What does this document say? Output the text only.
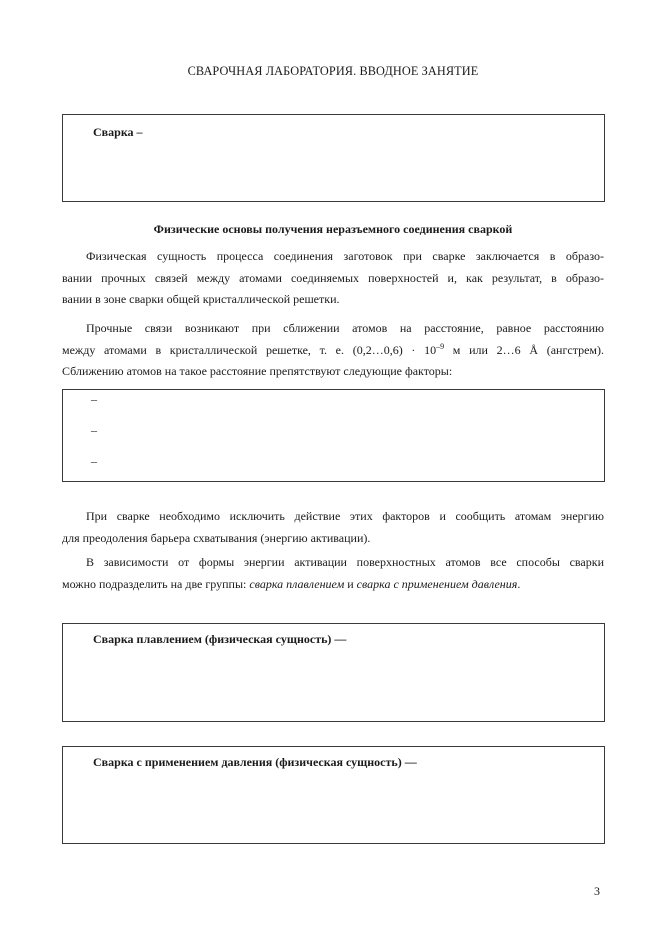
СВАРОЧНАЯ ЛАБОРАТОРИЯ. ВВОДНОЕ ЗАНЯТИЕ
Сварка –
Физические основы получения неразъемного соединения сваркой

Физическая сущность процесса соединения заготовок при сварке заключается в образо-
вании прочных связей между атомами соединяемых поверхностей и, как результат, в образо-
вании в зоне сварки общей кристаллической решетки.

Прочные связи возникают при сближении атомов на расстояние, равное расстоянию
между атомами в кристаллической решетке, т. е. (0,2…0,6) · $10^{-9}$ м или 2…6 Å (ангстрем).
Сближению атомов на такое расстояние препятствуют следующие факторы:

–
–
–

При сварке необходимо исключить действие этих факторов и сообщить атомам энергию
для преодоления барьера схватывания (энергию активации).

В зависимости от формы энергии активации поверхностных атомов все способы сварки
можно подразделить на две группы: сварка плавлением и сварка с применением давления.

Сварка плавлением (физическая сущность) —
Сварка с применением давления (физическая сущность) —
3
